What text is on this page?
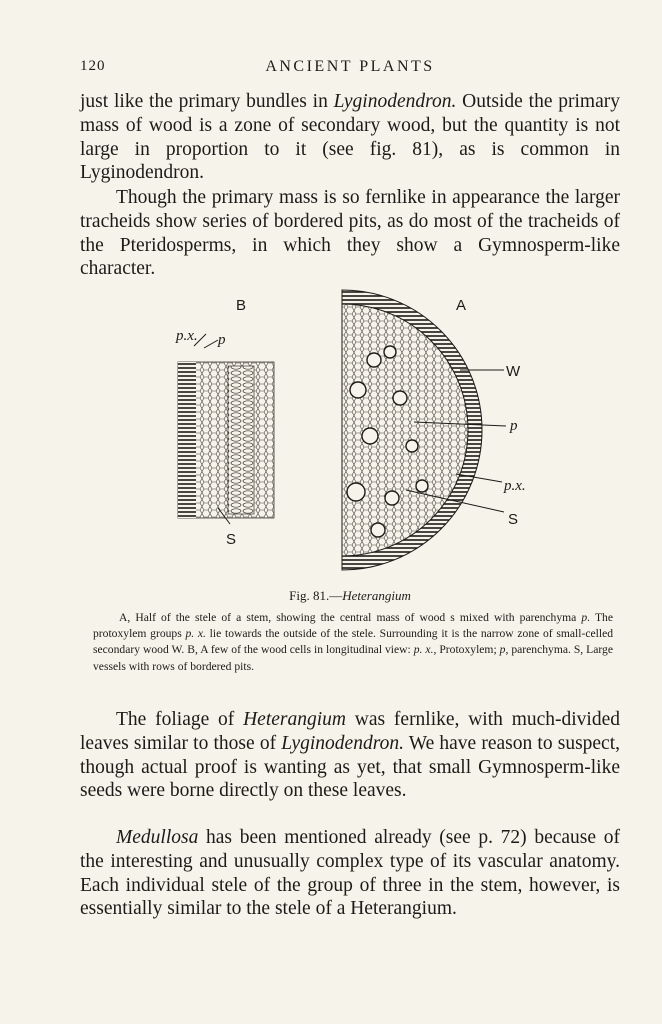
120	ANCIENT PLANTS

just like the primary bundles in Lyginodendron. Outside the primary mass of wood is a zone of secondary wood, but the quantity is not large in proportion to it (see fig. 81), as is common in Lyginodendron.

Though the primary mass is so fernlike in appearance the larger tracheids show series of bordered pits, as do most of the tracheids of the Pteridosperms, in which they show a Gymnosperm-like character.

B
p.x. p
S
A
W
p
p.x.
S
Fig. 81.—Heterangium

A, Half of the stele of a stem, showing the central mass of wood s mixed with parenchyma p. The protoxylem groups p. x. lie towards the outside of the stele. Surrounding it is the narrow zone of small-celled secondary wood W. B, A few of the wood cells in longitudinal view: p. x., Protoxylem; p, parenchyma. S, Large vessels with rows of bordered pits.

The foliage of Heterangium was fernlike, with much-divided leaves similar to those of Lyginodendron. We have reason to suspect, though actual proof is wanting as yet, that small Gymnosperm-like seeds were borne directly on these leaves.

Medullosa has been mentioned already (see p. 72) because of the interesting and unusually complex type of its vascular anatomy. Each individual stele of the group of three in the stem, however, is essentially similar to the stele of a Heterangium.
